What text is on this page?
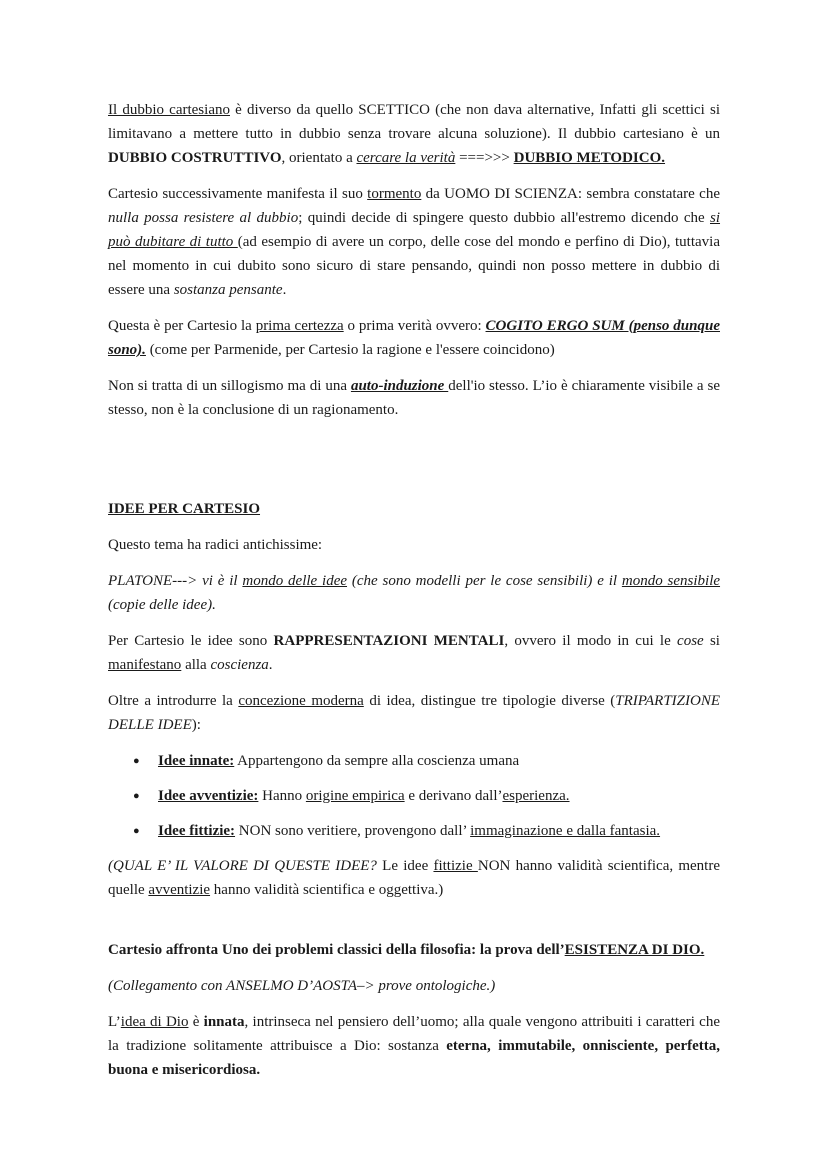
Il dubbio cartesiano è diverso da quello SCETTICO (che non dava alternative, Infatti gli scettici si limitavano a mettere tutto in dubbio senza trovare alcuna soluzione). Il dubbio cartesiano è un DUBBIO COSTRUTTIVO, orientato a cercare la verità ===>>> DUBBIO METODICO.

Cartesio successivamente manifesta il suo tormento da UOMO DI SCIENZA: sembra constatare che nulla possa resistere al dubbio; quindi decide di spingere questo dubbio all'estremo dicendo che si può dubitare di tutto (ad esempio di avere un corpo, delle cose del mondo e perfino di Dio), tuttavia nel momento in cui dubito sono sicuro di stare pensando, quindi non posso mettere in dubbio di essere una sostanza pensante.

Questa è per Cartesio la prima certezza o prima verità ovvero: COGITO ERGO SUM (penso dunque sono). (come per Parmenide, per Cartesio la ragione e l'essere coincidono)

Non si tratta di un sillogismo ma di una auto-induzione dell'io stesso. L’io è chiaramente visibile a se stesso, non è la conclusione di un ragionamento.

IDEE PER CARTESIO

Questo tema ha radici antichissime:

PLATONE---> vi è il mondo delle idee (che sono modelli per le cose sensibili) e il mondo sensibile (copie delle idee).

Per Cartesio le idee sono RAPPRESENTAZIONI MENTALI, ovvero il modo in cui le cose si manifestano alla coscienza.

Oltre a introdurre la concezione moderna di idea, distingue tre tipologie diverse (TRIPARTIZIONE DELLE IDEE):

● Idee innate: Appartengono da sempre alla coscienza umana
● Idee avventizie: Hanno origine empirica e derivano dall’esperienza.
● Idee fittizie: NON sono veritiere, provengono dall’ immaginazione e dalla fantasia.

(QUAL E’ IL VALORE DI QUESTE IDEE? Le idee fittizie NON hanno validità scientifica, mentre quelle avventizie hanno validità scientifica e oggettiva.)

Cartesio affronta Uno dei problemi classici della filosofia: la prova dell’ESISTENZA DI DIO.

(Collegamento con ANSELMO D’AOSTA–> prove ontologiche.)

L’idea di Dio è innata, intrinseca nel pensiero dell’uomo; alla quale vengono attribuiti i caratteri che la tradizione solitamente attribuisce a Dio: sostanza eterna, immutabile, onnisciente, perfetta, buona e misericordiosa.
